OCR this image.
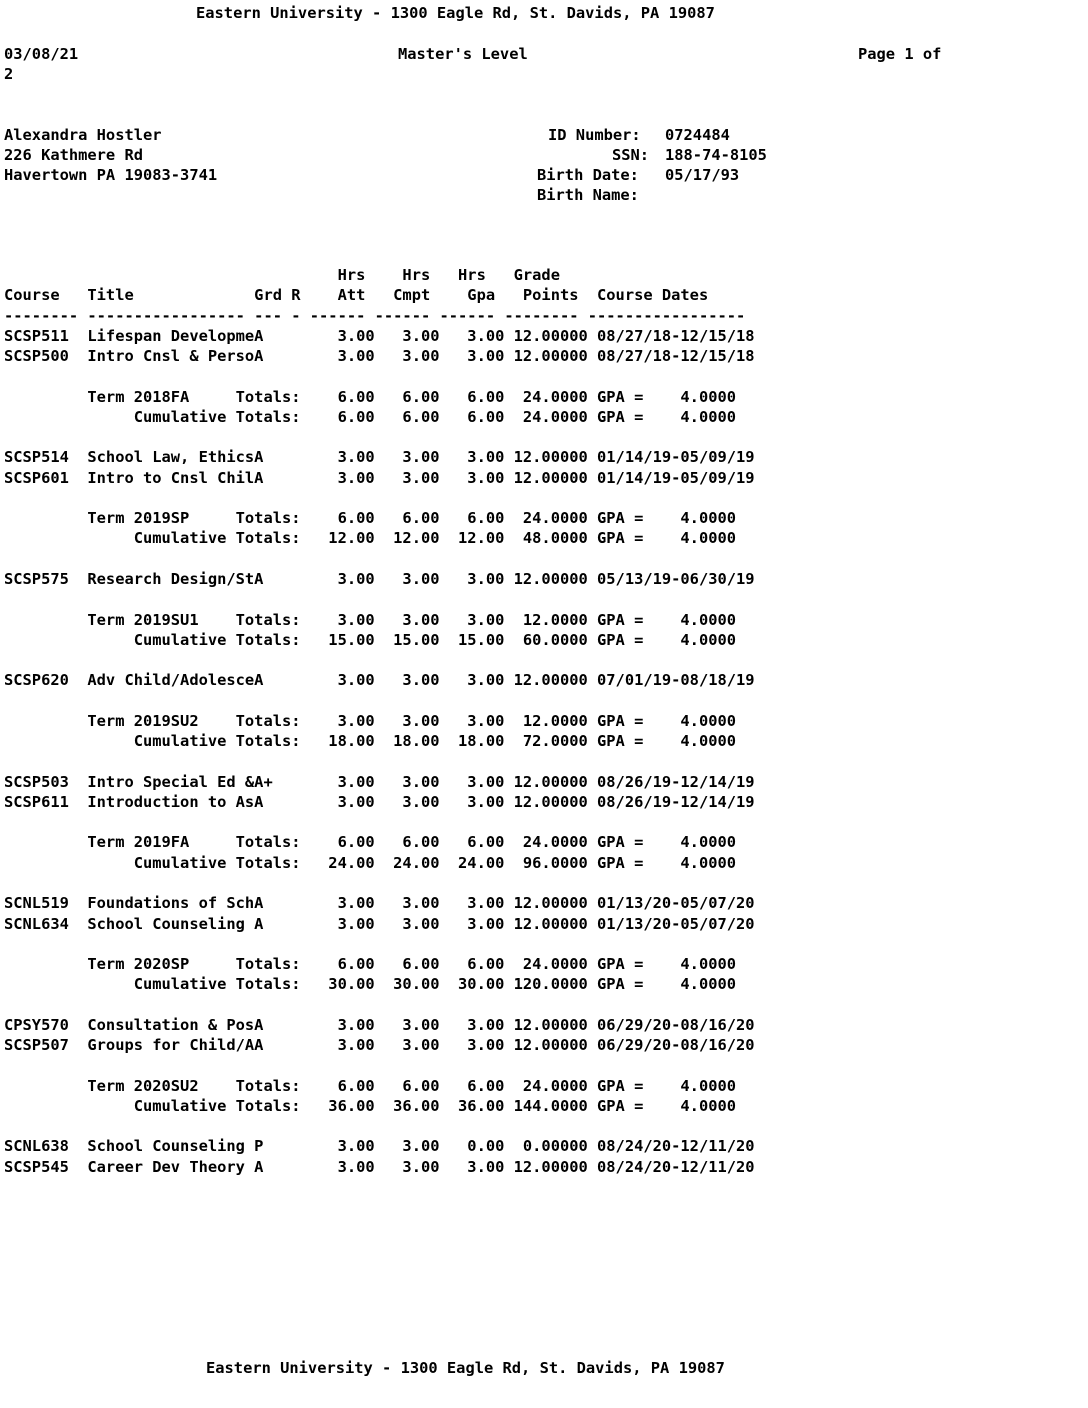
Eastern University - 1300 Eagle Rd, St. Davids, PA 19087
03/08/21	Master's Level	Page 1 of
2
Alexandra Hostler
226 Kathmere Rd
Havertown PA 19083-3741
ID Number: 0724484
SSN: 188-74-8105
Birth Date: 05/17/93
Birth Name:
Hrs    Hrs   Hrs   Grade
Course   Title             Grd R    Att   Cmpt    Gpa   Points  Course Dates
-------- ----------------- --- - ------ ------ ------ -------- -----------------
SCSP511  Lifespan DevelopmeA        3.00   3.00   3.00 12.00000 08/27/18-12/15/18
SCSP500  Intro Cnsl & PersoA        3.00   3.00   3.00 12.00000 08/27/18-12/15/18

Term 2018FA     Totals:    6.00   6.00   6.00  24.0000 GPA =    4.0000
Cumulative Totals:    6.00   6.00   6.00  24.0000 GPA =    4.0000

SCSP514  School Law, EthicsA        3.00   3.00   3.00 12.00000 01/14/19-05/09/19
SCSP601  Intro to Cnsl ChilA        3.00   3.00   3.00 12.00000 01/14/19-05/09/19

Term 2019SP     Totals:    6.00   6.00   6.00  24.0000 GPA =    4.0000
Cumulative Totals:   12.00  12.00  12.00  48.0000 GPA =    4.0000

SCSP575  Research Design/StA        3.00   3.00   3.00 12.00000 05/13/19-06/30/19

Term 2019SU1    Totals:    3.00   3.00   3.00  12.0000 GPA =    4.0000
Cumulative Totals:   15.00  15.00  15.00  60.0000 GPA =    4.0000

SCSP620  Adv Child/AdolesceA        3.00   3.00   3.00 12.00000 07/01/19-08/18/19

Term 2019SU2    Totals:    3.00   3.00   3.00  12.0000 GPA =    4.0000
Cumulative Totals:   18.00  18.00  18.00  72.0000 GPA =    4.0000

SCSP503  Intro Special Ed &A+       3.00   3.00   3.00 12.00000 08/26/19-12/14/19
SCSP611  Introduction to AsA        3.00   3.00   3.00 12.00000 08/26/19-12/14/19

Term 2019FA     Totals:    6.00   6.00   6.00  24.0000 GPA =    4.0000
Cumulative Totals:   24.00  24.00  24.00  96.0000 GPA =    4.0000

SCNL519  Foundations of SchA        3.00   3.00   3.00 12.00000 01/13/20-05/07/20
SCNL634  School Counseling A        3.00   3.00   3.00 12.00000 01/13/20-05/07/20

Term 2020SP     Totals:    6.00   6.00   6.00  24.0000 GPA =    4.0000
Cumulative Totals:   30.00  30.00  30.00 120.0000 GPA =    4.0000

CPSY570  Consultation & PosA        3.00   3.00   3.00 12.00000 06/29/20-08/16/20
SCSP507  Groups for Child/AA        3.00   3.00   3.00 12.00000 06/29/20-08/16/20

Term 2020SU2    Totals:    6.00   6.00   6.00  24.0000 GPA =    4.0000
Cumulative Totals:   36.00  36.00  36.00 144.0000 GPA =    4.0000

SCNL638  School Counseling P        3.00   3.00   0.00  0.00000 08/24/20-12/11/20
SCSP545  Career Dev Theory A        3.00   3.00   3.00 12.00000 08/24/20-12/11/20
Eastern University - 1300 Eagle Rd, St. Davids, PA 19087
